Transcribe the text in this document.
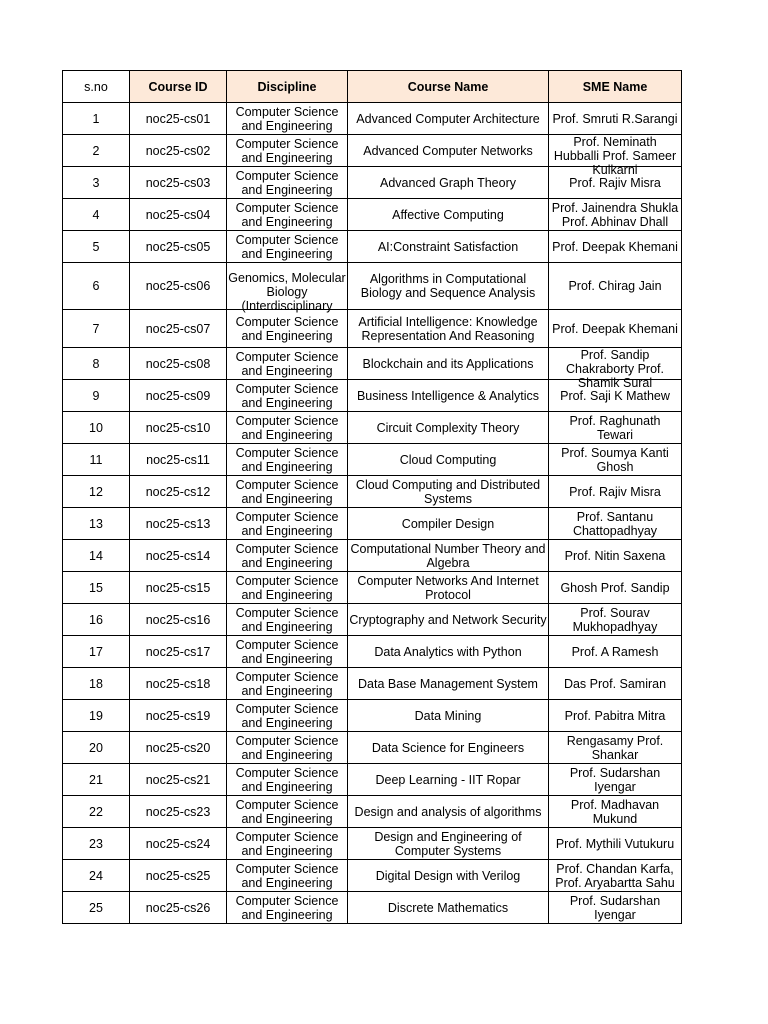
s.no	Course ID	Discipline	Course Name	SME Name

1	noc25-cs01	Computer Science and Engineering	Advanced Computer Architecture	Prof. Smruti R.Sarangi

2	noc25-cs02	Computer Science and Engineering	Advanced Computer Networks	Prof. Neminath Hubballi Prof. Sameer Kulkarni

3	noc25-cs03	Computer Science and Engineering	Advanced Graph Theory	Prof. Rajiv Misra

4	noc25-cs04	Computer Science and Engineering	Affective Computing	Prof. Jainendra Shukla Prof. Abhinav Dhall

5	noc25-cs05	Computer Science and Engineering	AI:Constraint Satisfaction	Prof. Deepak Khemani

6	noc25-cs06	Genomics, Molecular Biology (Interdisciplinary	Algorithms in Computational Biology and Sequence Analysis	Prof. Chirag Jain

7	noc25-cs07	Computer Science and Engineering	Artificial Intelligence: Knowledge Representation And Reasoning	Prof. Deepak Khemani

8	noc25-cs08	Computer Science and Engineering	Blockchain and its Applications	Prof. Sandip Chakraborty Prof. Shamik Sural

9	noc25-cs09	Computer Science and Engineering	Business Intelligence & Analytics	Prof. Saji K Mathew

10	noc25-cs10	Computer Science and Engineering	Circuit Complexity Theory	Prof. Raghunath Tewari

11	noc25-cs11	Computer Science and Engineering	Cloud Computing	Prof. Soumya Kanti Ghosh

12	noc25-cs12	Computer Science and Engineering	Cloud Computing and Distributed Systems	Prof. Rajiv Misra

13	noc25-cs13	Computer Science and Engineering	Compiler Design	Prof. Santanu Chattopadhyay

14	noc25-cs14	Computer Science and Engineering	Computational Number Theory and Algebra	Prof. Nitin Saxena

15	noc25-cs15	Computer Science and Engineering	Computer Networks And Internet Protocol	Ghosh Prof. Sandip

16	noc25-cs16	Computer Science and Engineering	Cryptography and Network Security	Prof. Sourav Mukhopadhyay

17	noc25-cs17	Computer Science and Engineering	Data Analytics with Python	Prof. A Ramesh

18	noc25-cs18	Computer Science and Engineering	Data Base Management System	Das Prof. Samiran

19	noc25-cs19	Computer Science and Engineering	Data Mining	Prof. Pabitra Mitra

20	noc25-cs20	Computer Science and Engineering	Data Science for Engineers	Rengasamy Prof. Shankar

21	noc25-cs21	Computer Science and Engineering	Deep Learning - IIT Ropar	Prof. Sudarshan Iyengar

22	noc25-cs23	Computer Science and Engineering	Design and analysis of algorithms	Prof. Madhavan Mukund

23	noc25-cs24	Computer Science and Engineering	Design and Engineering of Computer Systems	Prof. Mythili Vutukuru

24	noc25-cs25	Computer Science and Engineering	Digital Design with Verilog	Prof. Chandan Karfa, Prof. Aryabartta Sahu

25	noc25-cs26	Computer Science and Engineering	Discrete Mathematics	Prof. Sudarshan Iyengar
